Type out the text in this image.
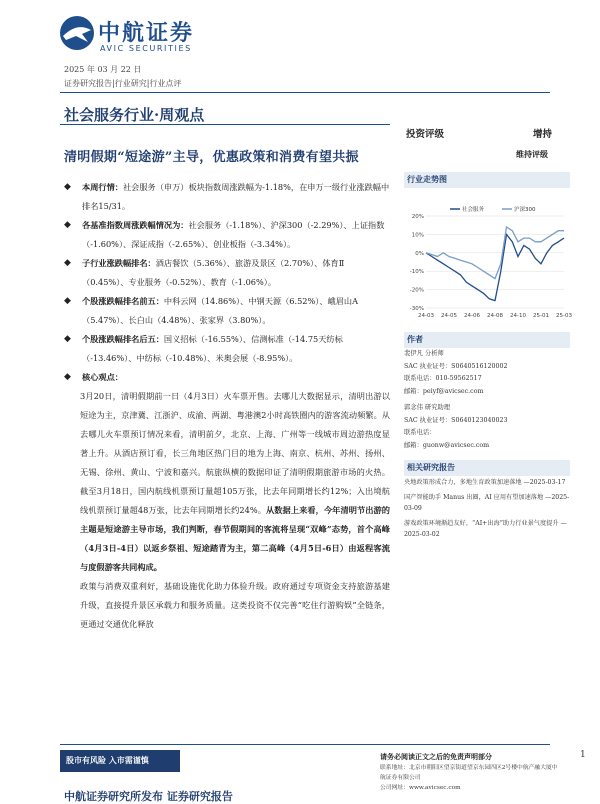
中航证券
AVIC SECURITIES
2025 年 03 月 22 日
证券研究报告|行业研究|行业点评
社会服务行业·周观点
清明假期“短途游”主导，优惠政策和消费有望共振
投资评级	增持
维持评级
◆ 本周行情：社会服务（申万）板块指数周涨跌幅为-1.18%，在申万一级行业涨跌幅中排名15/31。
◆ 各基准指数周涨跌幅情况为：社会服务（-1.18%）、沪深300（-2.29%）、上证指数（-1.60%）、深证成指（-2.65%）、创业板指（-3.34%）。
◆ 子行业涨跌幅排名：酒店餐饮（5.36%）、旅游及景区（2.70%）、体育Ⅱ（0.45%）、专业服务（-0.52%）、教育（-1.06%）。
◆ 个股涨跌幅排名前五：中科云网（14.86%）、中钢天源（6.52%）、峨眉山A（5.47%）、长白山（4.48%）、张家界（3.80%）。
◆ 个股涨跌幅排名后五：国义招标（-16.55%）、信测标准（-14.75天纺标（-13.46%）、中纺标（-10.48%）、米奥会展（-8.95%）。
◆ 核心观点：
3月20日，清明假期前一日（4月3日）火车票开售。去哪儿大数据显示，清明出游以短途为主，京津冀、江浙沪、成渝、两湖、粤港澳2小时高铁圈内的游客流动频繁。从去哪儿火车票预订情况来看，清明前夕，北京、上海、广州等一线城市周边游热度显著上升。从酒店预订看，长三角地区热门目的地为上海、南京、杭州、苏州、扬州、无锡、徐州、黄山、宁波和嘉兴。航旅纵横的数据印证了清明假期旅游市场的火热。截至3月18日，国内航线机票预订量超105万张，比去年同期增长约12%；入出境航线机票预订量超48万张，比去年同期增长约24%。从数据上来看，今年清明节出游的主题是短途游主导市场，我们判断，春节假期间的客流将呈现“双峰”态势，首个高峰（4月3日-4日）以返乡祭祖、短途踏青为主，第二高峰（4月5日-6日）由返程客流与度假游客共同构成。
政策与消费双重利好，基础设施优化助力体验升级。政府通过专项资金支持旅游基建升级，直接提升景区承载力和服务质量。这类投资不仅完善“吃住行游购娱”全链条，更通过交通优化释放
行业走势图
20%
10%
0%
-10%
-20%
-30%
24-03 24-05 24-06 24-08 24-10 25-01 25-03
社会服务	沪深300
作者
裴伊凡 分析师
SAC 执业证号：S0640516120002
联系电话：010-59562517
邮箱：peiyf@avicsec.com
郭念伟 研究助理
SAC 执业证号：S0640123040023
联系电话：
邮箱：guonw@avicsec.com
相关研究报告
央地政策形成合力，多地生育政策加速落地 —2025-03-17
国产智能助手 Manus 出圈，AI 应用有望加速落地 —2025-03-09
游戏政策环境渐趋友好，“AI+出海”助力行业景气度提升 —2025-03-02
股市有风险 入市需谨慎	请务必阅读正文之后的免责声明部分
联系地址：北京市朝阳区望京街道望京东园四区2号楼中航产融大厦中航证券有限公司
公司网址：www.avicsec.com
1
中航证券研究所发布 证券研究报告
